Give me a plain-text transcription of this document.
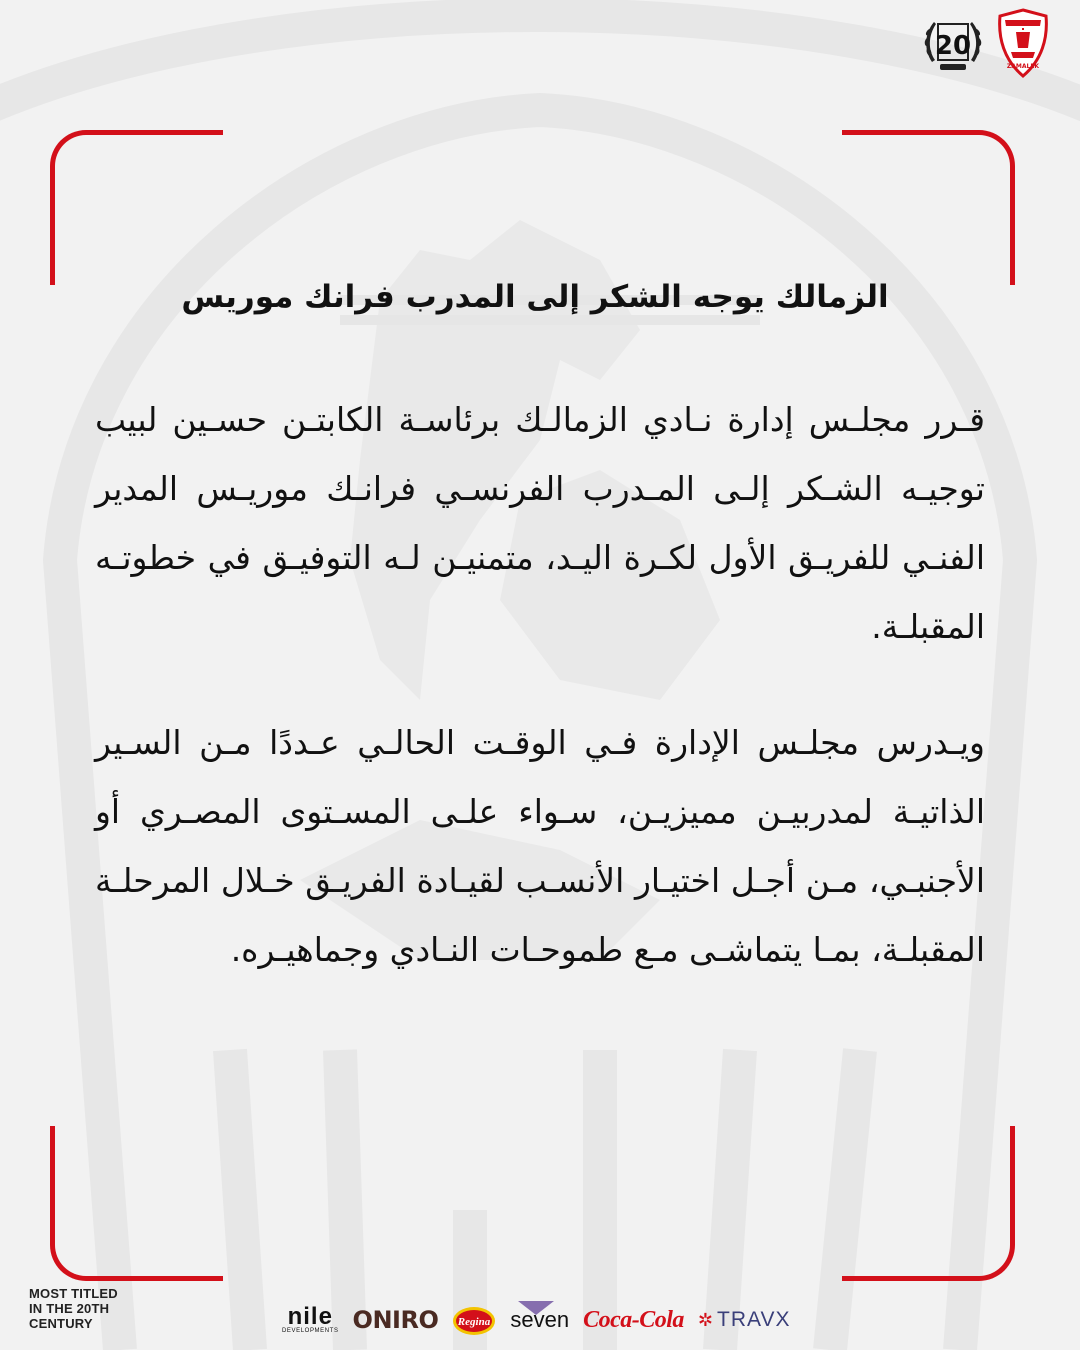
20
ZAMALEK
الزمالك يوجه الشكر إلى المدرب فرانك موريس
قـرر مجلـس إدارة نـادي الزمالـك برئاسـة الكابتـن حسـين لبيب توجيـه الشـكر إلـى المـدرب الفرنسـي فرانـك موريـس المدير الفنـي للفريـق الأول لكـرة اليـد، متمنيـن لـه التوفيـق في خطوتـه المقبلـة.
ويـدرس مجلـس الإدارة فـي الوقـت الحالـي عـددًا مـن السـير الذاتيـة لمدربيـن مميزيـن، سـواء علـى المسـتوى المصـري أو الأجنبـي، مـن أجـل اختيـار الأنسـب لقيـادة الفريـق خـلال المرحلـة المقبلـة، بمـا يتماشـى مـع طموحـات النـادي وجماهيـره.
MOST TITLED
IN THE 20TH
CENTURY	nile
DEVELOPMENTS ONIRO Regina seven Coca-Cola ✲ TRAVX
